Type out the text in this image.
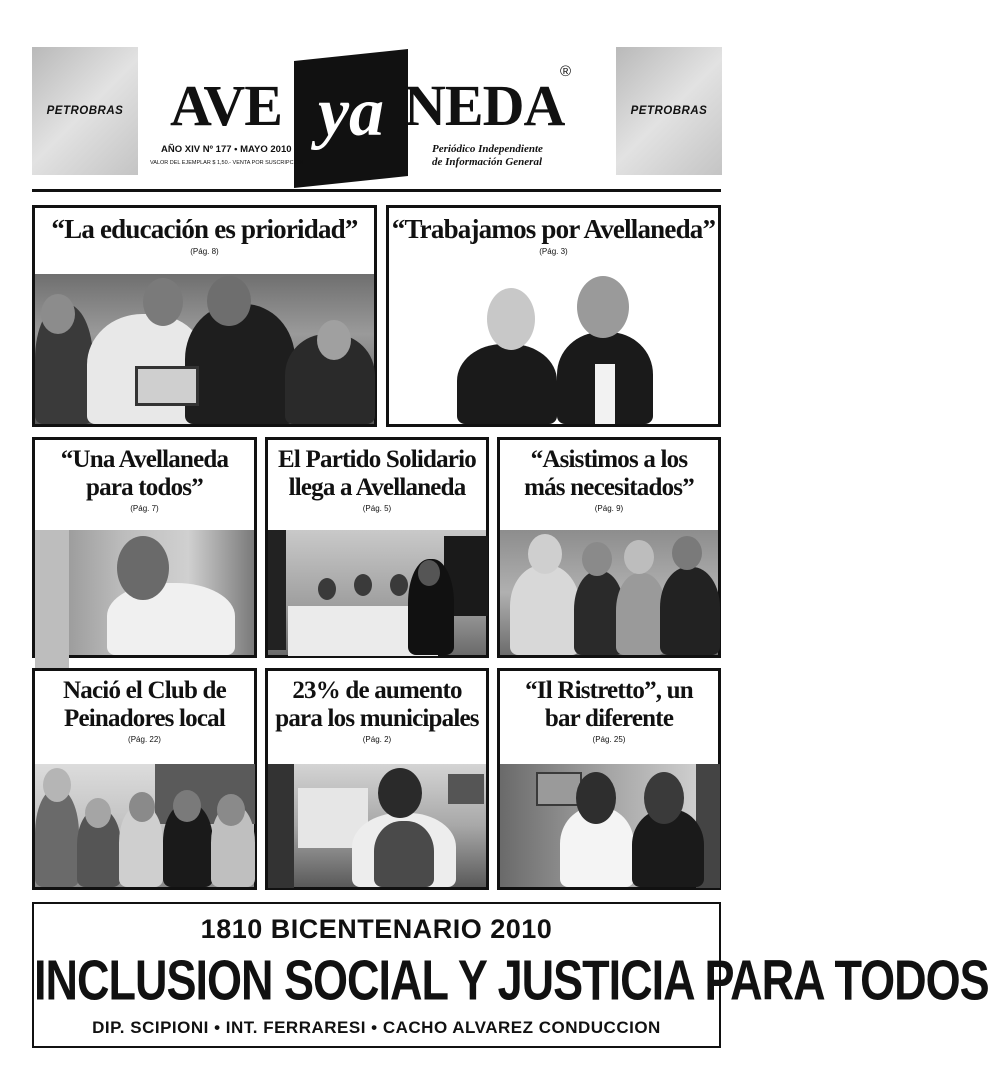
PETROBRAS	PETROBRAS
AVE ya NEDA
®
AÑO XIV Nº 177 • MAYO 2010
VALOR DEL EJEMPLAR $ 1,50.- VENTA POR SUSCRIPCION
Periódico Independiente
de Información General
“La educación es prioridad”
(Pág. 8)
“Trabajamos por Avellaneda”
(Pág. 3)
“Una Avellaneda
para todos”
(Pág. 7)
El Partido Solidario
llega a Avellaneda
(Pág. 5)
“Asistimos a los
más necesitados”
(Pág. 9)
Nació el Club de
Peinadores local
(Pág. 22)
23% de aumento
para los municipales
(Pág. 2)
“Il Ristretto”, un
bar diferente
(Pág. 25)
1810 BICENTENARIO 2010
INCLUSION SOCIAL Y JUSTICIA PARA TODOS
DIP. SCIPIONI • INT. FERRARESI • CACHO ALVAREZ CONDUCCION
